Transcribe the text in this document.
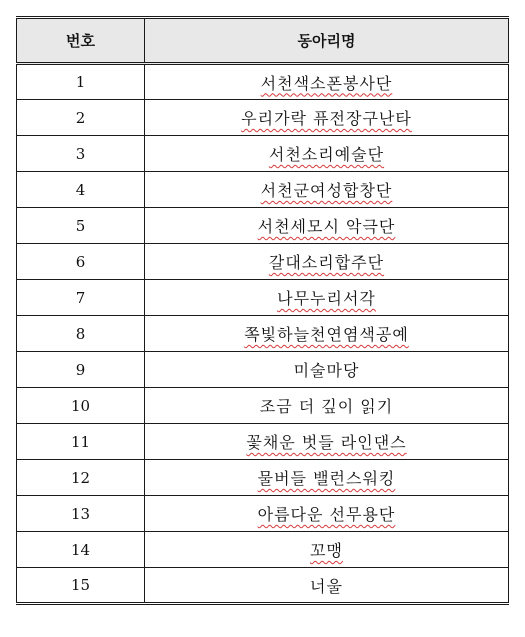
번호	동아리명
1	서천색소폰봉사단
2	우리가락 퓨전장구난타
3	서천소리예술단
4	서천군여성합창단
5	서천세모시 악극단
6	갈대소리합주단
7	나무누리서각
8	쪽빛하늘천연염색공예
9	미술마당
10	조금 더 깊이 읽기
11	꽃채운 벗들 라인댄스
12	물버들 밸런스워킹
13	아름다운 선무용단
14	꼬맹
15	너울
